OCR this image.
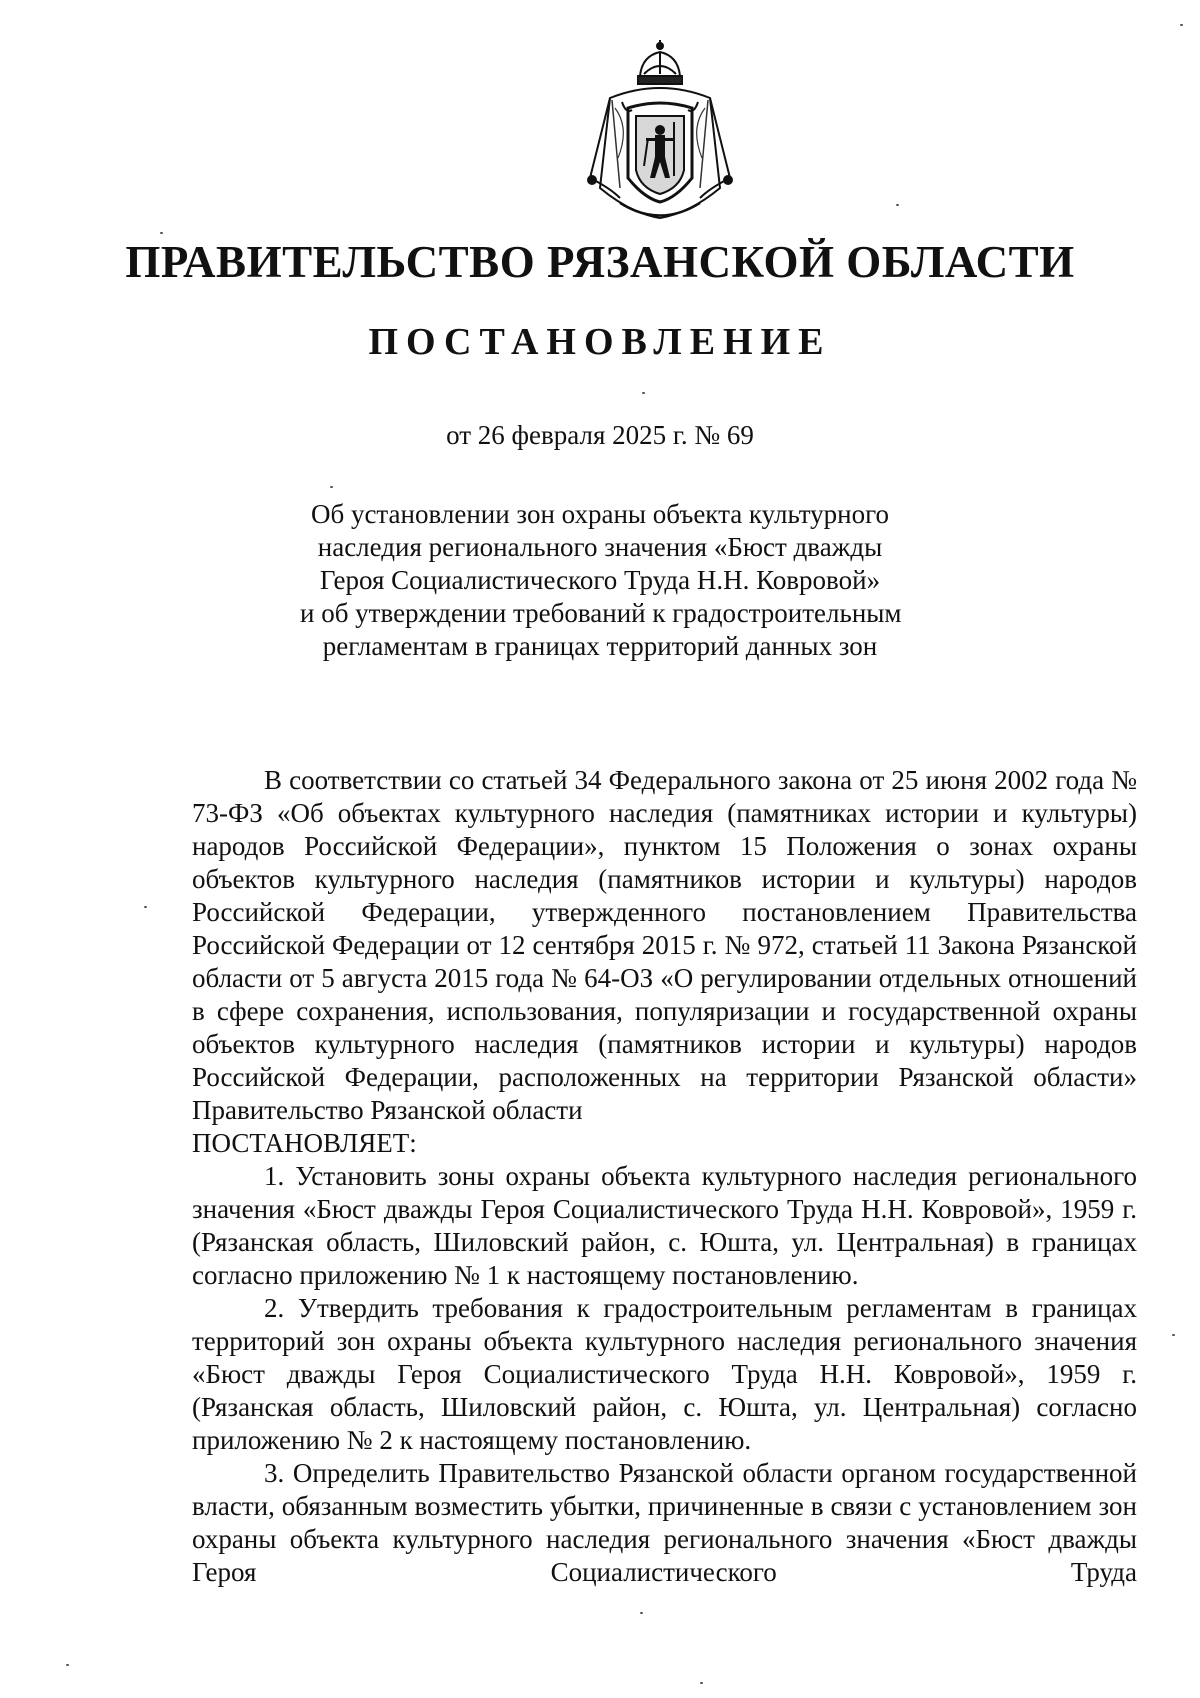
ПРАВИТЕЛЬСТВО РЯЗАНСКОЙ ОБЛАСТИ
ПОСТАНОВЛЕНИЕ
от 26 февраля 2025 г. № 69
Об установлении зон охраны объекта культурного
наследия регионального значения «Бюст дважды
Героя Социалистического Труда Н.Н. Ковровой»
и об утверждении требований к градостроительным
регламентам в границах территорий данных зон

В соответствии со статьей 34 Федерального закона от 25 июня 2002 года № 73-ФЗ «Об объектах культурного наследия (памятниках истории и культуры) народов Российской Федерации», пунктом 15 Положения о зонах охраны объектов культурного наследия (памятников истории и культуры) народов Российской Федерации, утвержденного постановлением Правительства Российской Федерации от 12 сентября 2015 г. № 972, статьей 11 Закона Рязанской области от 5 августа 2015 года № 64-ОЗ «О регулировании отдельных отношений в сфере сохранения, использования, популяризации и государственной охраны объектов культурного наследия (памятников истории и культуры) народов Российской Федерации, расположенных на территории Рязанской области» Правительство Рязанской области

ПОСТАНОВЛЯЕТ:

1. Установить зоны охраны объекта культурного наследия регионального значения «Бюст дважды Героя Социалистического Труда Н.Н. Ковровой», 1959 г. (Рязанская область, Шиловский район, с. Юшта, ул. Центральная) в границах согласно приложению № 1 к настоящему постановлению.

2. Утвердить требования к градостроительным регламентам в границах территорий зон охраны объекта культурного наследия регионального значения «Бюст дважды Героя Социалистического Труда Н.Н. Ковровой», 1959 г. (Рязанская область, Шиловский район, с. Юшта, ул. Центральная) согласно приложению № 2 к настоящему постановлению.

3. Определить Правительство Рязанской области органом государственной власти, обязанным возместить убытки, причиненные в связи с установлением зон охраны объекта культурного наследия регионального значения «Бюст дважды Героя Социалистического Труда
